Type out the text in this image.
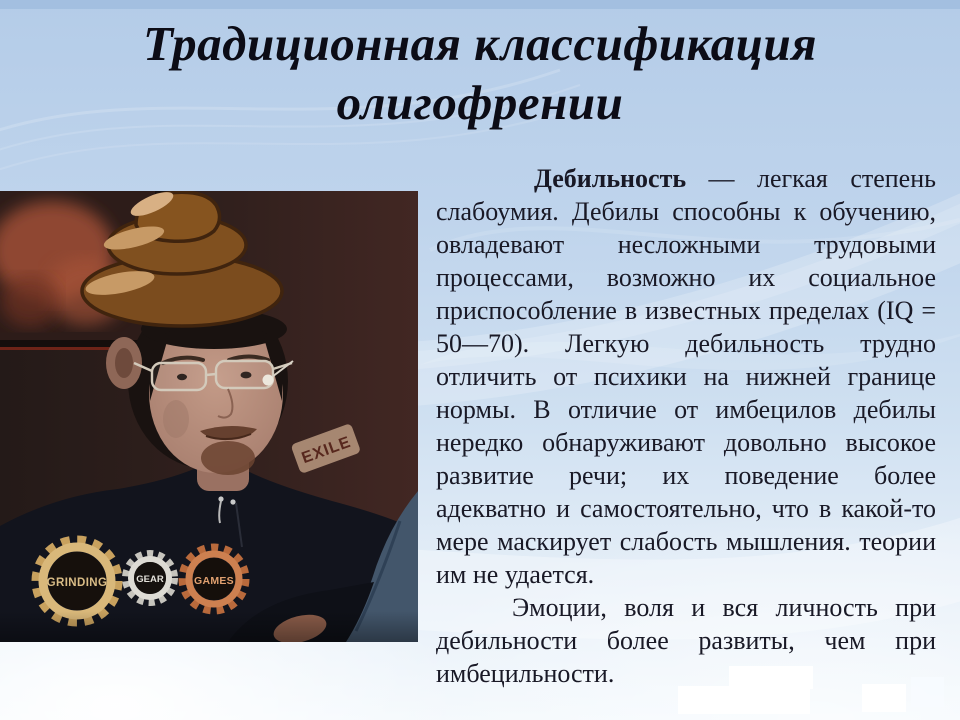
Традиционная классификация
олигофрении
EXILE
GRINDING	GEAR	GAMES

Дебильность — легкая степень слабоумия. Дебилы способны к обучению, овладевают несложными трудовыми процессами, возможно их социальное приспособление в известных пределах (IQ = 50—70). Легкую дебильность трудно отличить от психики на нижней границе нормы. В отличие от имбецилов дебилы нередко обнаруживают довольно высокое развитие речи; их поведение более адекватно и самостоятельно, что в какой-то мере маскирует слабость мышления. теории им не удается.

Эмоции, воля и вся личность при дебильности более развиты, чем при имбецильности.
